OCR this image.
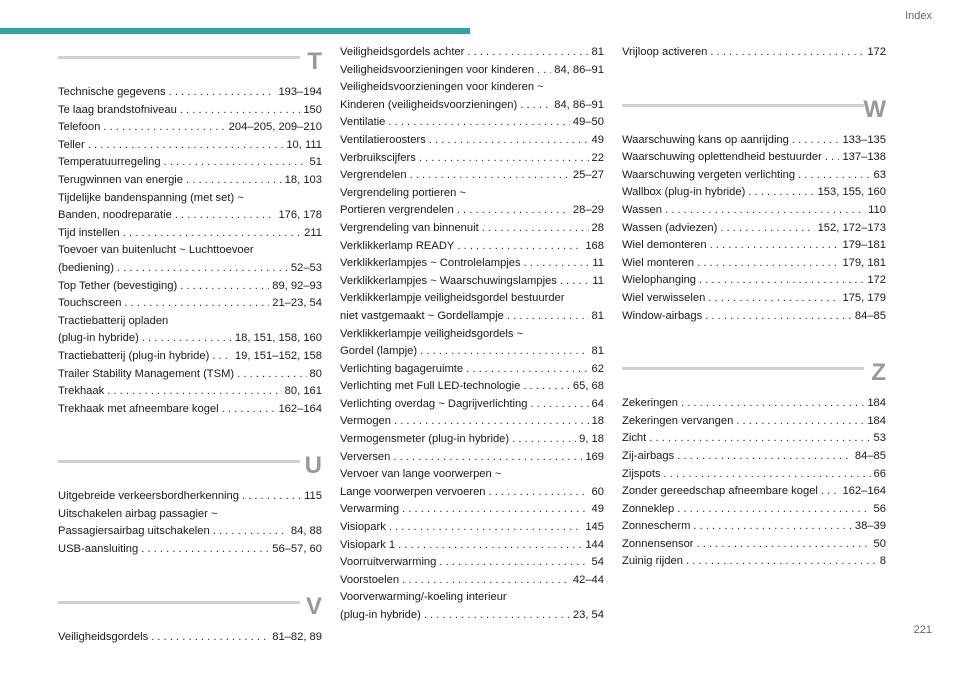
Index
T
Technische gegevens . . .	193–194
Te laag brandstofniveau . . .	150
Telefoon . . .	204–205, 209–210
Teller . . .	10, 111
Temperatuurregeling . . .	51
Terugwinnen van energie . . .	18, 103
Tijdelijke bandenspanning (met set) ~
Banden, noodreparatie . . .	176, 178
Tijd instellen . . .	211
Toevoer van buitenlucht ~ Luchttoevoer
(bediening) . . .	52–53
Top Tether (bevestiging) . . .	89, 92–93
Touchscreen . . .	21–23, 54
Tractiebatterij opladen
(plug-in hybride) . . .	18, 151, 158, 160
Tractiebatterij (plug-in hybride) . . . 19, 151–152, 158
Trailer Stability Management (TSM) . . .	80
Trekhaak . . .	80, 161
Trekhaak met afneembare kogel . . .	162–164
U
Uitgebreide verkeersbordherkenning . . .	115
Uitschakelen airbag passagier ~
Passagiersairbag uitschakelen . . .	84, 88
USB-aansluiting . . .	56–57, 60
V
Veiligheidsgordels . . .	81–82, 89
Veiligheidsgordels achter . . .	81
Veiligheidsvoorzieningen voor kinderen . . . 84, 86–91
Veiligheidsvoorzieningen voor kinderen ~
Kinderen (veiligheidsvoorzieningen) . . .	84, 86–91
Ventilatie . . .	49–50
Ventilatieroosters . . .	49
Verbruikscijfers . . .	22
Vergrendelen . . .	25–27
Vergrendeling portieren ~
Portieren vergrendelen . . .	28–29
Vergrendeling van binnenuit . . .	28
Verklikkerlamp READY . . .	168
Verklikkerlampjes ~ Controlelampjes . . .	11
Verklikkerlampjes ~ Waarschuwingslampjes . . .	11
Verklikkerlampje veiligheidsgordel bestuurder
niet vastgemaakt ~ Gordellampje . . .	81
Verklikkerlampje veiligheidsgordels ~
Gordel (lampje) . . .	81
Verlichting bagageruimte . . .	62
Verlichting met Full LED-technologie . . .	65, 68
Verlichting overdag ~ Dagrijverlichting . . .	64
Vermogen . . .	18
Vermogensmeter (plug-in hybride) . . .	9, 18
Verversen . . .	169
Vervoer van lange voorwerpen ~
Lange voorwerpen vervoeren . . .	60
Verwarming . . .	49
Visiopark . . .	145
Visiopark 1 . . .	144
Voorruitverwarming . . .	54
Voorstoelen . . .	42–44
Voorverwarming/-koeling interieur
(plug-in hybride) . . .	23, 54
Vrijloop activeren . . .	172
W
Waarschuwing kans op aanrijding . . .	133–135
Waarschuwing oplettendheid bestuurder . . . 137–138
Waarschuwing vergeten verlichting . . .	63
Wallbox (plug-in hybride) . . .	153, 155, 160
Wassen . . .	110
Wassen (adviezen) . . .	152, 172–173
Wiel demonteren . . .	179–181
Wiel monteren . . .	179, 181
Wielophanging . . .	172
Wiel verwisselen . . .	175, 179
Window-airbags . . .	84–85
Z
Zekeringen . . .	184
Zekeringen vervangen . . .	184
Zicht . . .	53
Zij-airbags . . .	84–85
Zijspots . . .	66
Zonder gereedschap afneembare kogel . . . 162–164
Zonneklep . . .	56
Zonnescherm . . .	38–39
Zonnensensor . . .	50
Zuinig rijden . . .	8
221
